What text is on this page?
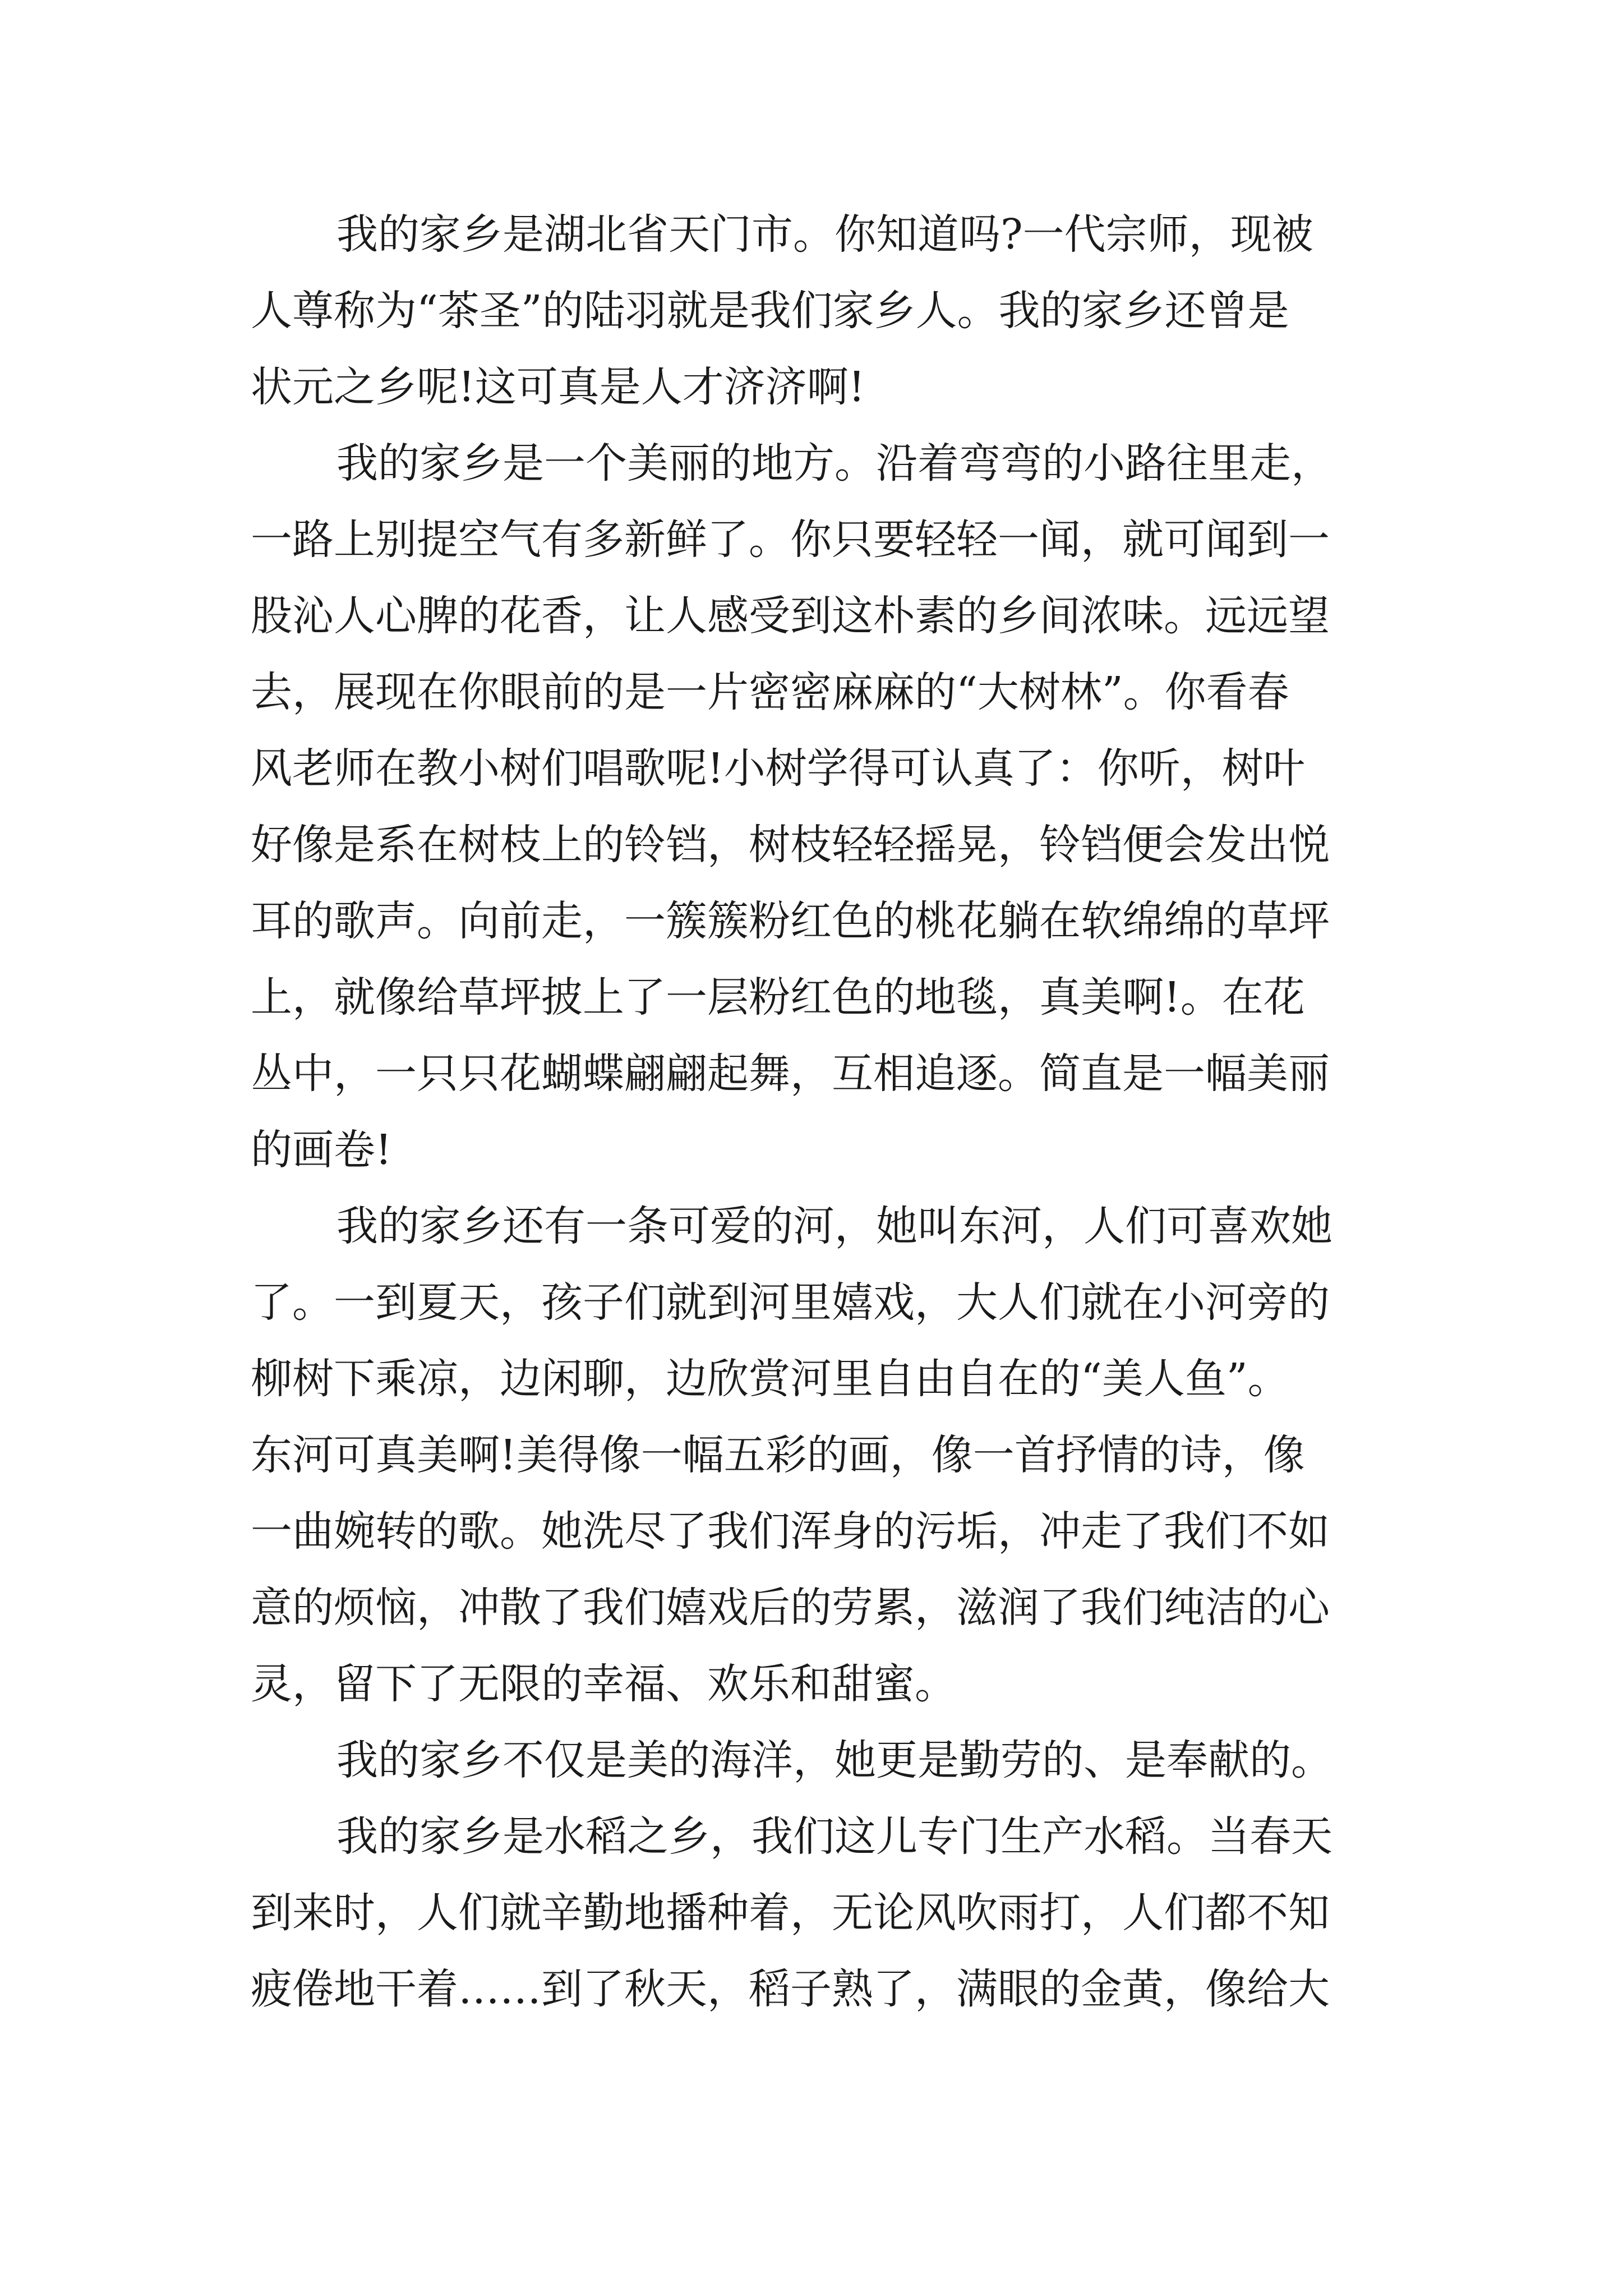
我的家乡是湖北省天门市。你知道吗?一代宗师，现被

人尊称为“茶圣”的陆羽就是我们家乡人。我的家乡还曾是

状元之乡呢!这可真是人才济济啊!

我的家乡是一个美丽的地方。沿着弯弯的小路往里走，

一路上别提空气有多新鲜了。你只要轻轻一闻，就可闻到一

股沁人心脾的花香，让人感受到这朴素的乡间浓味。远远望

去，展现在你眼前的是一片密密麻麻的“大树林”。你看春

风老师在教小树们唱歌呢!小树学得可认真了：你听，树叶

好像是系在树枝上的铃铛，树枝轻轻摇晃，铃铛便会发出悦

耳的歌声。向前走，一簇簇粉红色的桃花躺在软绵绵的草坪

上，就像给草坪披上了一层粉红色的地毯，真美啊!。在花

丛中，一只只花蝴蝶翩翩起舞，互相追逐。简直是一幅美丽

的画卷!

我的家乡还有一条可爱的河，她叫东河，人们可喜欢她

了。一到夏天，孩子们就到河里嬉戏，大人们就在小河旁的

柳树下乘凉，边闲聊，边欣赏河里自由自在的“美人鱼”。

东河可真美啊!美得像一幅五彩的画，像一首抒情的诗，像

一曲婉转的歌。她洗尽了我们浑身的污垢，冲走了我们不如

意的烦恼，冲散了我们嬉戏后的劳累，滋润了我们纯洁的心

灵，留下了无限的幸福、欢乐和甜蜜。

我的家乡不仅是美的海洋，她更是勤劳的、是奉献的。

我的家乡是水稻之乡，我们这儿专门生产水稻。当春天

到来时，人们就辛勤地播种着，无论风吹雨打，人们都不知

疲倦地干着……到了秋天，稻子熟了，满眼的金黄，像给大
